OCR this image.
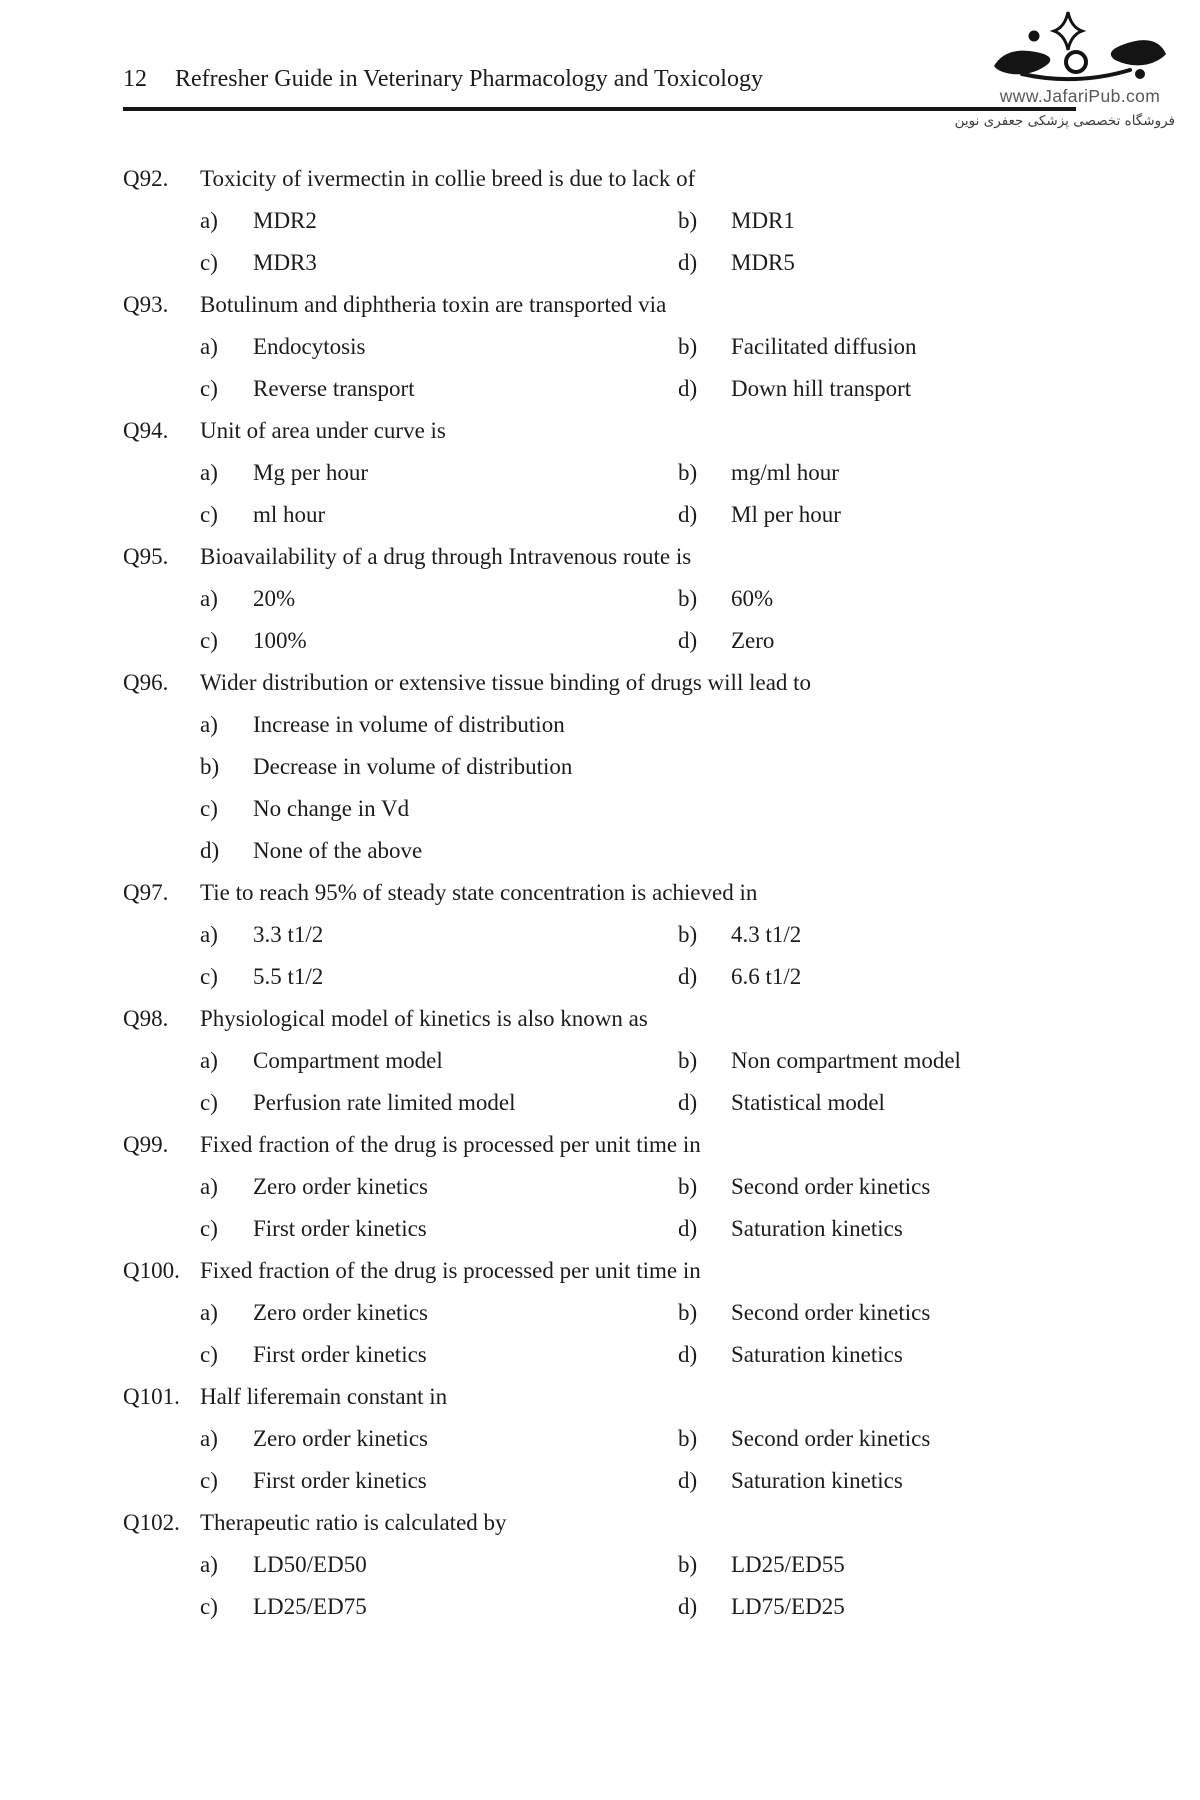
12 Refresher Guide in Veterinary Pharmacology and Toxicology
www.JafariPub.com
فروشگاه تخصصی پزشکی جعفری نوین
Q92.	Toxicity of ivermectin in collie breed is due to lack of
a)	MDR2	b)	MDR1
c)	MDR3	d)	MDR5
Q93.	Botulinum and diphtheria toxin are transported via
a)	Endocytosis	b)	Facilitated diffusion
c)	Reverse transport	d)	Down hill transport
Q94.	Unit of area under curve is
a)	Mg per hour	b)	mg/ml hour
c)	ml hour	d)	Ml per hour
Q95.	Bioavailability of a drug through Intravenous route is
a)	20%	b)	60%
c)	100%	d)	Zero
Q96.	Wider distribution or extensive tissue binding of drugs will lead to
a)	Increase in volume of distribution
b)	Decrease in volume of distribution
c)	No change in Vd
d)	None of the above
Q97.	Tie to reach 95% of steady state concentration is achieved in
a)	3.3 t1/2	b)	4.3 t1/2
c)	5.5 t1/2	d)	6.6 t1/2
Q98.	Physiological model of kinetics is also known as
a)	Compartment model	b)	Non compartment model
c)	Perfusion rate limited model	d)	Statistical model
Q99.	Fixed fraction of the drug is processed per unit time in
a)	Zero order kinetics	b)	Second order kinetics
c)	First order kinetics	d)	Saturation kinetics
Q100. Fixed fraction of the drug is processed per unit time in
a)	Zero order kinetics	b)	Second order kinetics
c)	First order kinetics	d)	Saturation kinetics
Q101. Half liferemain constant in
a)	Zero order kinetics	b)	Second order kinetics
c)	First order kinetics	d)	Saturation kinetics
Q102. Therapeutic ratio is calculated by
a)	LD50/ED50	b)	LD25/ED55
c)	LD25/ED75	d)	LD75/ED25
